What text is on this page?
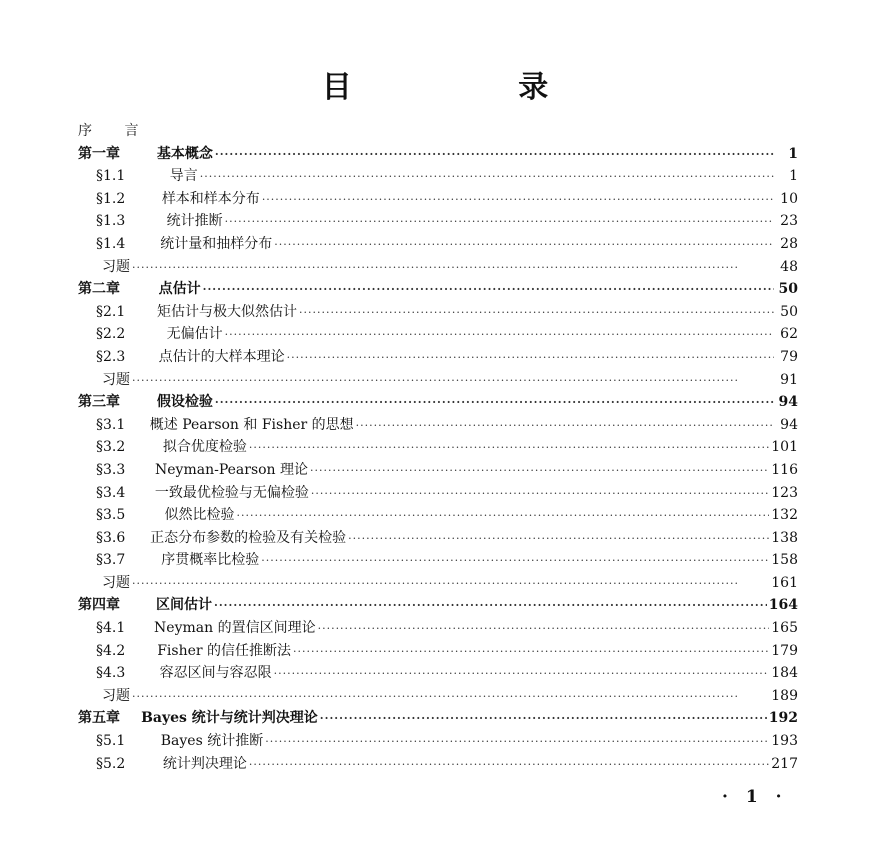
目 录
序 言
第一章	基本概念 ·····	1
§1.1	导言 ·····	1
§1.2	样本和样本分布 ·····	10
§1.3	统计推断 ·····	23
§1.4	统计量和抽样分布 ·····	28
习题 ·····	48
第二章	点估计 ·····	50
§2.1	矩估计与极大似然估计 ·····	50
§2.2	无偏估计 ·····	62
§2.3	点估计的大样本理论 ·····	79
习题 ·····	91
第三章	假设检验 ·····	94
§3.1	概述 Pearson 和 Fisher 的思想 ·····	94
§3.2	拟合优度检验 ·····	101
§3.3	Neyman-Pearson 理论 ·····	116
§3.4	一致最优检验与无偏检验 ·····	123
§3.5	似然比检验 ·····	132
§3.6	正态分布参数的检验及有关检验 ·····	138
§3.7	序贯概率比检验 ·····	158
习题 ·····	161
第四章	区间估计 ·····	164
§4.1	Neyman 的置信区间理论 ·····	165
§4.2	Fisher 的信任推断法 ·····	179
§4.3	容忍区间与容忍限 ·····	184
习题 ·····	189
第五章	Bayes 统计与统计判决理论 ·····	192
§5.1	Bayes 统计推断 ·····	193
§5.2	统计判决理论 ·····	217
· 1 ·
